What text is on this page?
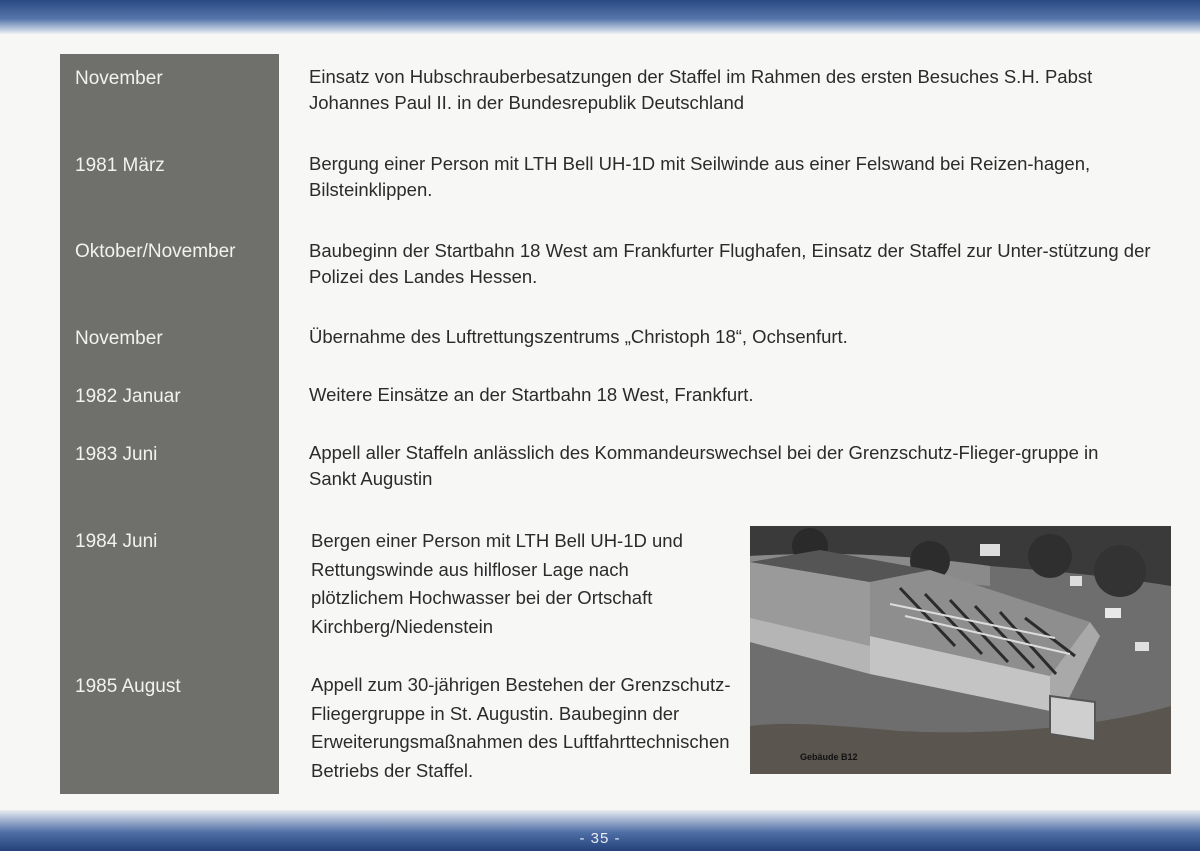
November
1981 März
Oktober/November
November
1982 Januar
1983 Juni
1984 Juni
1985 August
Einsatz von Hubschrauberbesatzungen der Staffel im Rahmen des ersten Besuches S.H. Pabst Johannes Paul II. in der Bundesrepublik Deutschland
Bergung einer Person mit LTH Bell UH-1D mit Seilwinde aus einer Felswand bei Reizen-hagen, Bilsteinklippen.
Baubeginn der Startbahn 18 West am Frankfurter Flughafen, Einsatz der Staffel zur Unter-stützung der Polizei des Landes Hessen.
Übernahme des Luftrettungszentrums „Christoph 18“, Ochsenfurt.
Weitere Einsätze an der Startbahn 18 West, Frankfurt.
Appell aller Staffeln anlässlich des Kommandeurswechsel bei der Grenzschutz-Flieger-gruppe in Sankt Augustin
Bergen einer Person mit LTH Bell UH-1D und Rettungswinde aus hilfloser Lage nach plötzlichem Hochwasser bei der Ortschaft Kirchberg/Niedenstein
Appell zum 30-jährigen Bestehen der Grenzschutz-Fliegergruppe in St. Augustin. Baubeginn der Erweiterungsmaßnahmen des Luftfahrttechnischen Betriebs der Staffel.
Gebäude B12
- 35 -
